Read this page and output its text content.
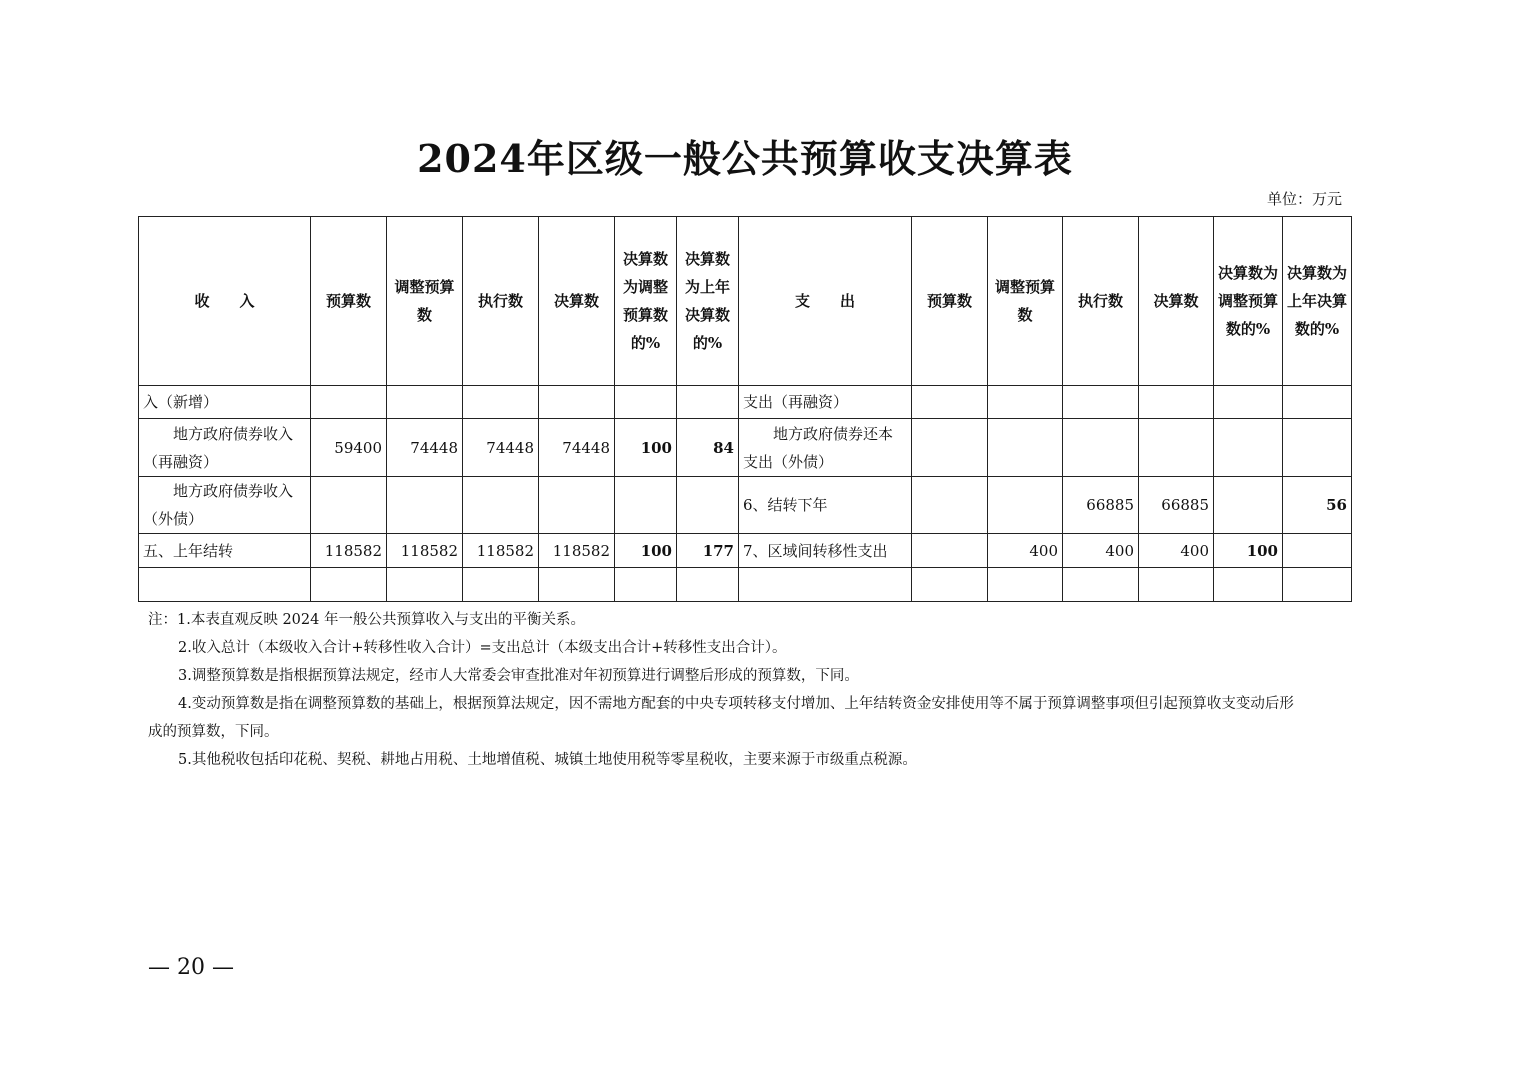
2024年区级一般公共预算收支决算表
单位：万元
收　　入	预算数	调整预算数	执行数	决算数	决算数为调整预算数的%	决算数为上年决算数的%	支　　出	预算数	调整预算数	执行数	决算数	决算数为调整预算数的%	决算数为上年决算数的%
入（新增）							支出（再融资）						
地方政府债券收入（再融资）	59400	74448	74448	74448	100	84	地方政府债券还本支出（外债）						
地方政府债券收入（外债）							6、结转下年			66885	66885		56
五、上年结转	118582	118582	118582	118582	100	177	7、区域间转移性支出		400	400	400	100	

注：1.本表直观反映 2024 年一般公共预算收入与支出的平衡关系。

2.收入总计（本级收入合计+转移性收入合计）=支出总计（本级支出合计+转移性支出合计）。

3.调整预算数是指根据预算法规定，经市人大常委会审查批准对年初预算进行调整后形成的预算数，下同。

4.变动预算数是指在调整预算数的基础上，根据预算法规定，因不需地方配套的中央专项转移支付增加、上年结转资金安排使用等不属于预算调整事项但引起预算收支变动后形

成的预算数，下同。

5.其他税收包括印花税、契税、耕地占用税、土地增值税、城镇土地使用税等零星税收，主要来源于市级重点税源。

— 20 —
